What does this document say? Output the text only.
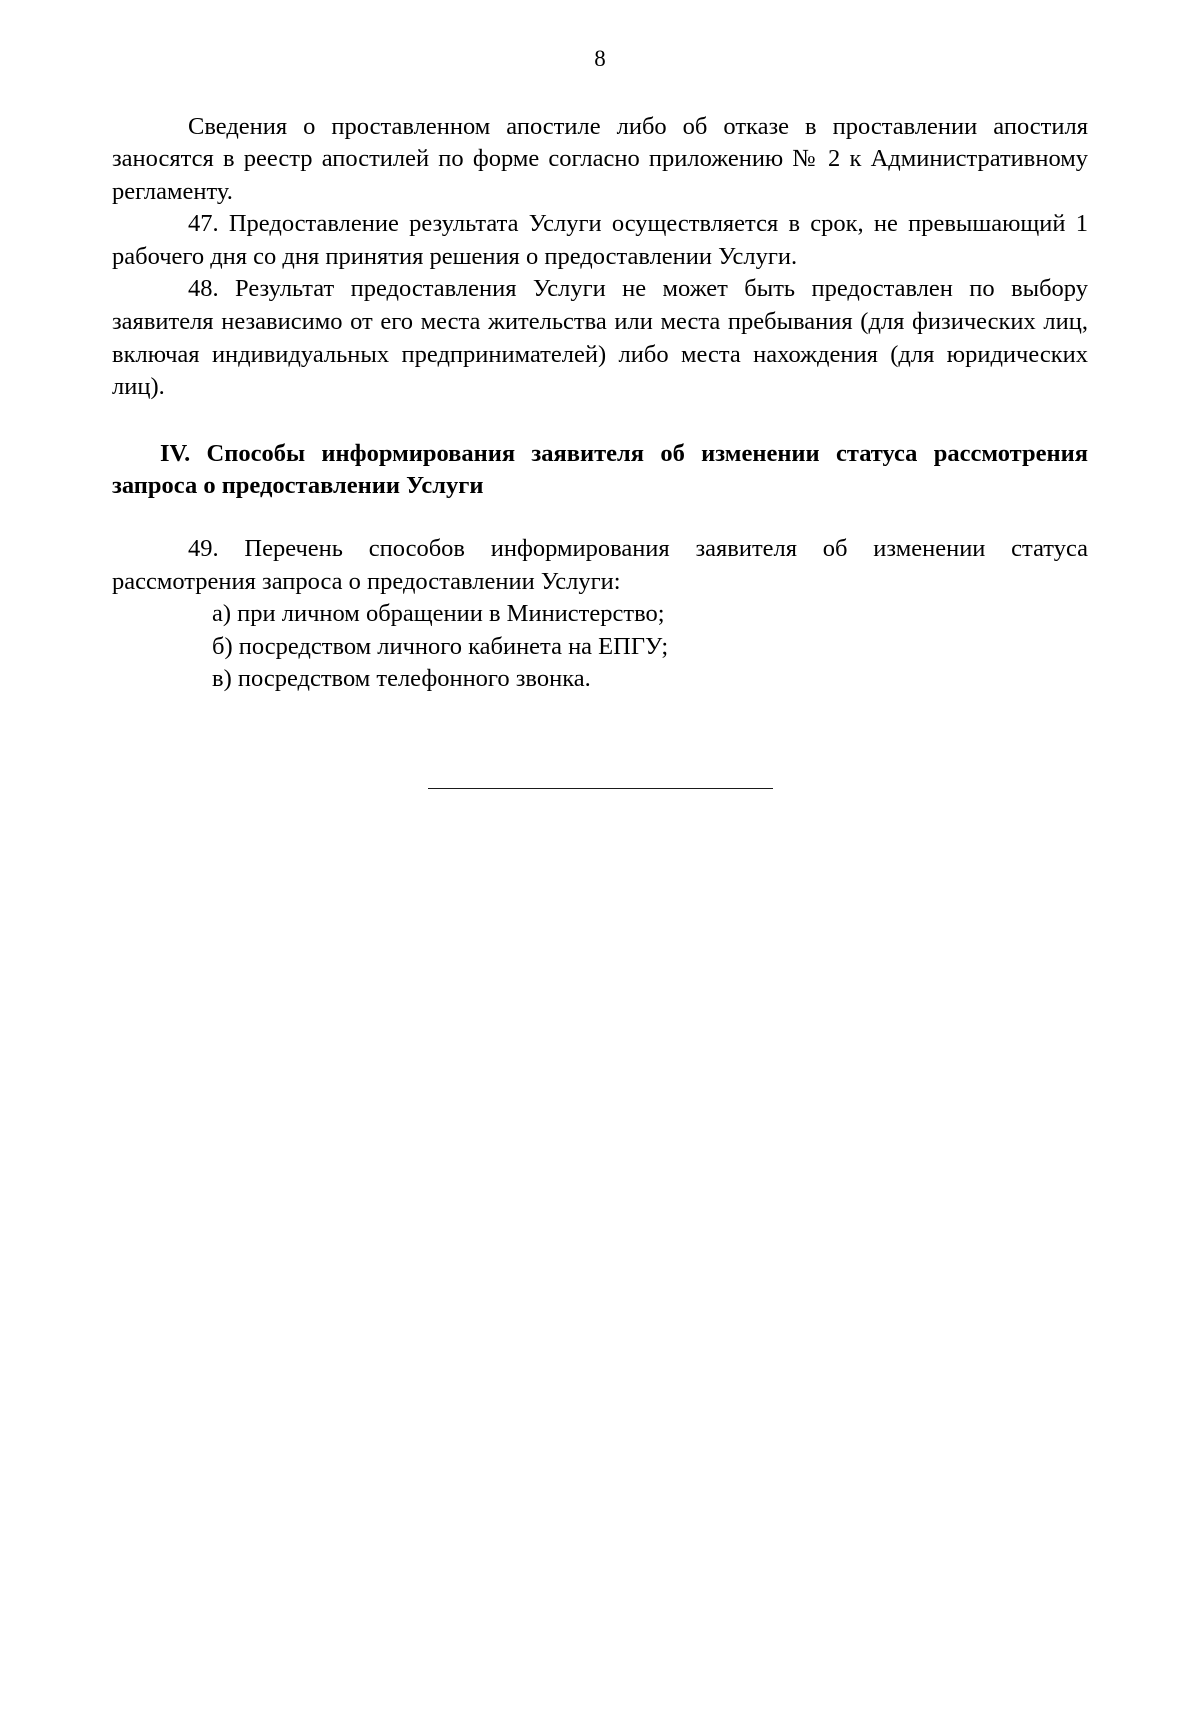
8

Сведения о проставленном апостиле либо об отказе в проставлении апостиля заносятся в реестр апостилей по форме согласно приложению № 2 к Административному регламенту.

47. Предоставление результата Услуги осуществляется в срок, не превышающий 1 рабочего дня со дня принятия решения о предоставлении Услуги.

48. Результат предоставления Услуги не может быть предоставлен по выбору заявителя независимо от его места жительства или места пребывания (для физических лиц, включая индивидуальных предпринимателей) либо места нахождения (для юридических лиц).

IV. Способы информирования заявителя об изменении статуса рассмотрения запроса о предоставлении Услуги

49. Перечень способов информирования заявителя об изменении статуса рассмотрения запроса о предоставлении Услуги:

а) при личном обращении в Министерство;

б) посредством личного кабинета на ЕПГУ;

в) посредством телефонного звонка.
